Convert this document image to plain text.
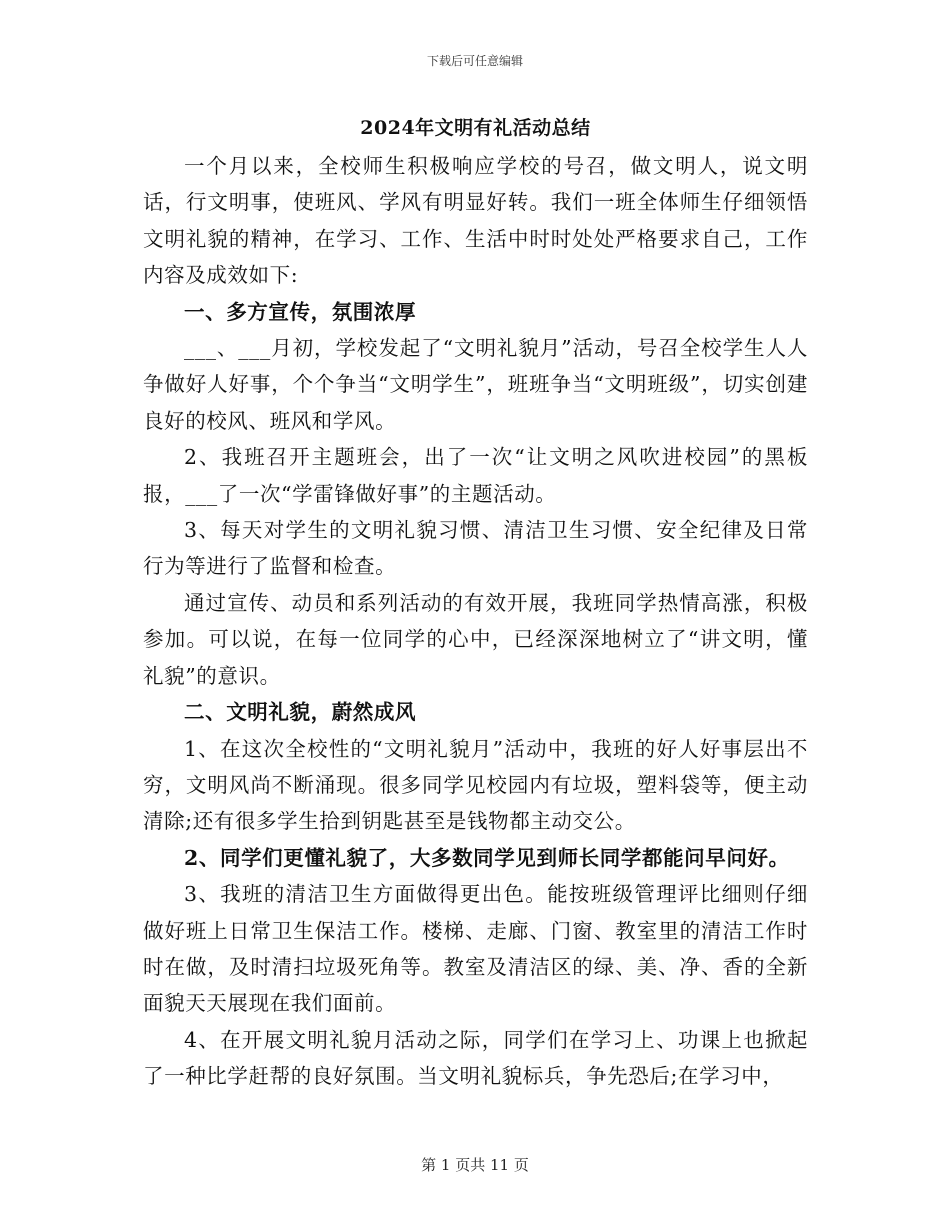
下载后可任意编辑
2024年文明有礼活动总结

一个月以来，全校师生积极响应学校的号召，做文明人，说文明话，行文明事，使班风、学风有明显好转。我们一班全体师生仔细领悟文明礼貌的精神，在学习、工作、生活中时时处处严格要求自己，工作内容及成效如下:

一、多方宣传，氛围浓厚

___、___月初，学校发起了“文明礼貌月”活动，号召全校学生人人争做好人好事，个个争当“文明学生”，班班争当“文明班级”，切实创建良好的校风、班风和学风。

2、我班召开主题班会，出了一次“让文明之风吹进校园”的黑板报，___了一次“学雷锋做好事”的主题活动。

3、每天对学生的文明礼貌习惯、清洁卫生习惯、安全纪律及日常行为等进行了监督和检查。

通过宣传、动员和系列活动的有效开展，我班同学热情高涨，积极参加。可以说，在每一位同学的心中，已经深深地树立了“讲文明，懂礼貌”的意识。

二、文明礼貌，蔚然成风

1、在这次全校性的“文明礼貌月”活动中，我班的好人好事层出不穷，文明风尚不断涌现。很多同学见校园内有垃圾，塑料袋等，便主动清除;还有很多学生拾到钥匙甚至是钱物都主动交公。

2、同学们更懂礼貌了，大多数同学见到师长同学都能问早问好。

3、我班的清洁卫生方面做得更出色。能按班级管理评比细则仔细做好班上日常卫生保洁工作。楼梯、走廊、门窗、教室里的清洁工作时时在做，及时清扫垃圾死角等。教室及清洁区的绿、美、净、香的全新面貌天天展现在我们面前。

4、在开展文明礼貌月活动之际，同学们在学习上、功课上也掀起了一种比学赶帮的良好氛围。当文明礼貌标兵，争先恐后;在学习中，

第 1 页共 11 页
